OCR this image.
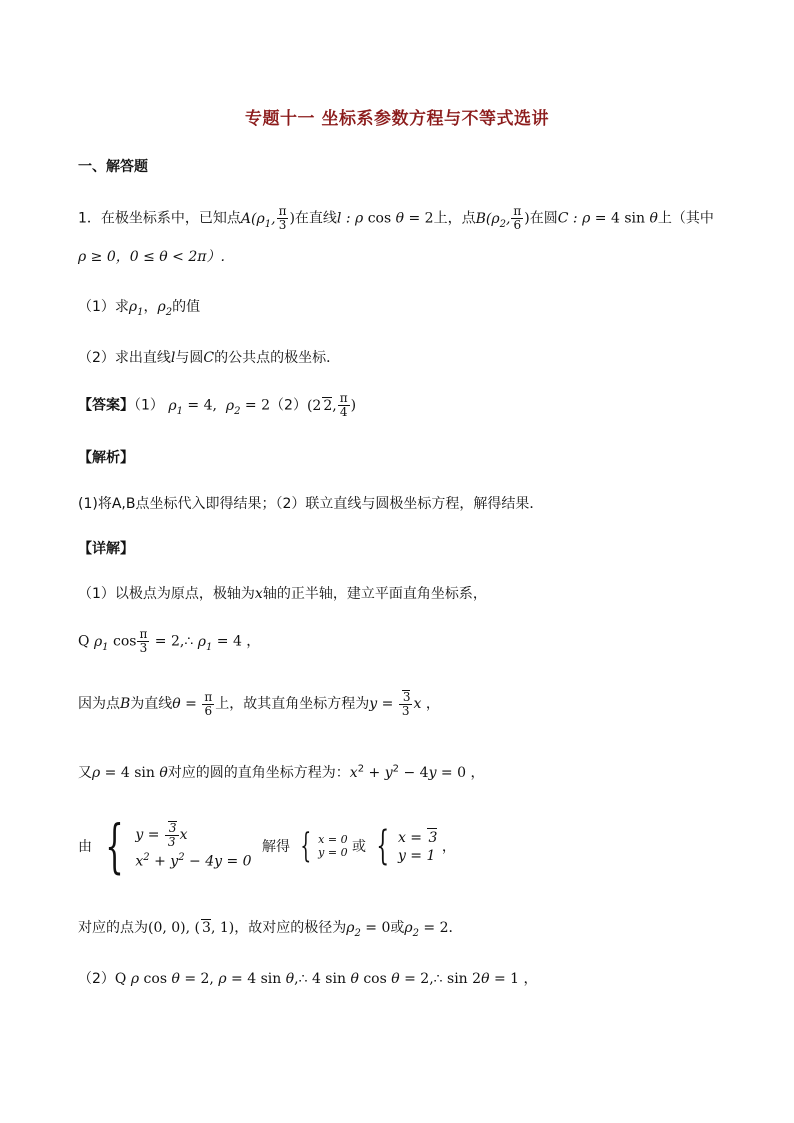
专题十一 坐标系参数方程与不等式选讲
一、解答题
1．在极坐标系中，已知点$A(\rho_1$, $\frac{\pi}{3}$ )在直线l : ρ cos θ = 2上，点$B(\rho_2$, $\frac{\pi}{6}$ )在圆C : ρ = 4 sin θ上（其中
ρ ≥ 0，0 ≤ θ < 2π）.
（1）求$\rho_1$，$\rho_2$的值
（2）求出直线l与圆C的公共点的极坐标．
【答案】（1） $\rho_1 = 4$,  $\rho_2 = 2(2)(2$ 2, $\frac{\pi}{4}$ )
【解析】
(1)将A,B点坐标代入即得结果；（2）联立直线与圆极坐标方程，解得结果．
【详解】
（1）以极点为原点，极轴为x轴的正半轴，建立平面直角坐标系，
Q $\rho_1$ $\cos \frac{\pi}{3}$ = 2,∴ $\rho_1 = 4$ ，
因为点B为直线$\theta = \frac{\pi}{6}$ 上，故其直角坐标方程为$y = \frac{3}{3}$ x ，
又ρ = 4 sin θ对应的圆的直角坐标方程为：$x^2 + y^2 - 4y = 0$ ，
由 { $y = \frac{3}{3}$ x
$x^2 + y^2 - 4y = 0$
解得 { x = 0
y = 0 或 { x = 3
y = 1
，
对应的点为(0, 0), ( 3, 1)，故对应的极径为$\rho_2 = 0$或$\rho_2 = 2$．
（2）Q ρ cos θ = 2, ρ = 4 sin θ,∴ 4 sin θ cos θ = 2,∴ sin 2θ = 1 ，
